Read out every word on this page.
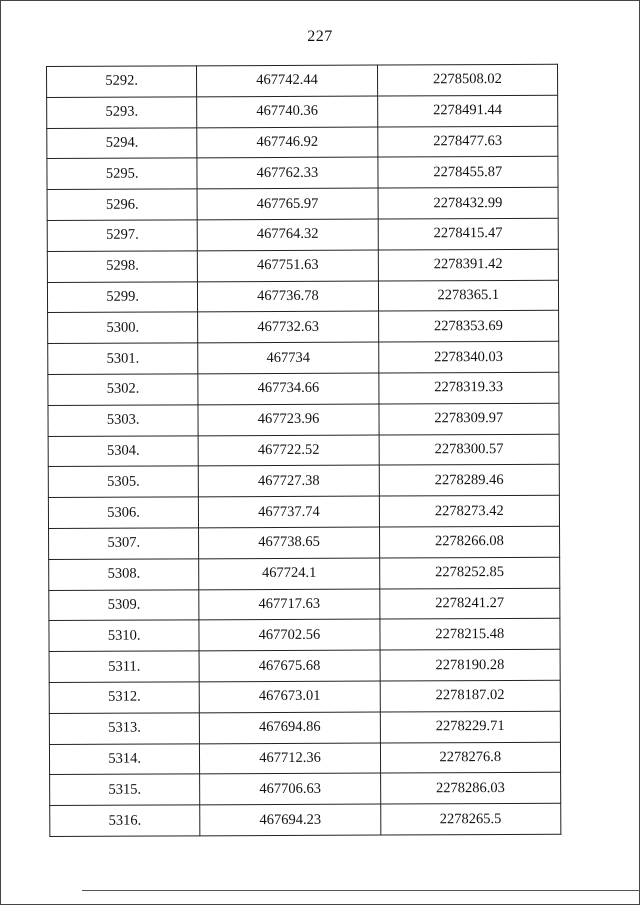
227
5292.	467742.44	2278508.02
5293.	467740.36	2278491.44
5294.	467746.92	2278477.63
5295.	467762.33	2278455.87
5296.	467765.97	2278432.99
5297.	467764.32	2278415.47
5298.	467751.63	2278391.42
5299.	467736.78	2278365.1
5300.	467732.63	2278353.69
5301.	467734	2278340.03
5302.	467734.66	2278319.33
5303.	467723.96	2278309.97
5304.	467722.52	2278300.57
5305.	467727.38	2278289.46
5306.	467737.74	2278273.42
5307.	467738.65	2278266.08
5308.	467724.1	2278252.85
5309.	467717.63	2278241.27
5310.	467702.56	2278215.48
5311.	467675.68	2278190.28
5312.	467673.01	2278187.02
5313.	467694.86	2278229.71
5314.	467712.36	2278276.8
5315.	467706.63	2278286.03
5316.	467694.23	2278265.5
